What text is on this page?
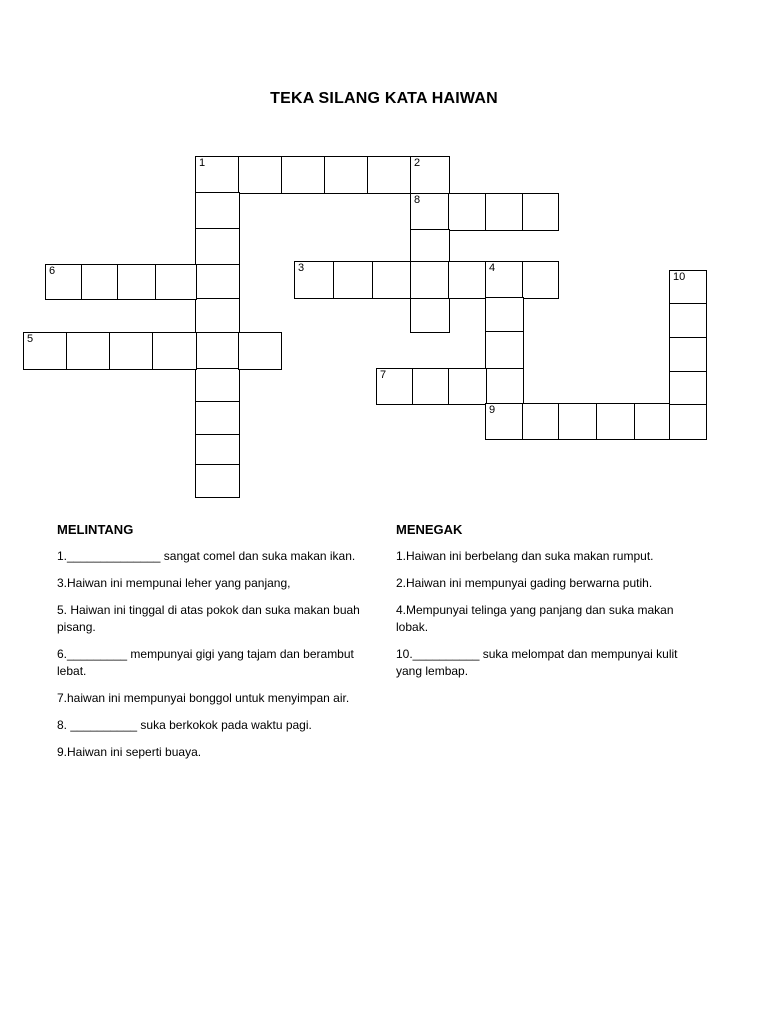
TEKA SILANG KATA HAIWAN
1	2
8
6	3	4
5
7
9
10
MELINTANG
1.______________ sangat comel dan suka makan ikan.
3.Haiwan ini mempunai leher yang panjang,
5. Haiwan ini tinggal di atas pokok dan suka makan buah pisang.
6._________ mempunyai gigi yang tajam dan berambut lebat.
7.haiwan ini mempunyai bonggol untuk menyimpan air.
8. __________ suka berkokok pada waktu pagi.
9.Haiwan ini seperti buaya.
MENEGAK
1.Haiwan ini berbelang dan suka makan rumput.
2.Haiwan ini mempunyai gading berwarna putih.
4.Mempunyai telinga yang panjang dan suka makan lobak.
10.__________ suka melompat dan mempunyai kulit yang lembap.
